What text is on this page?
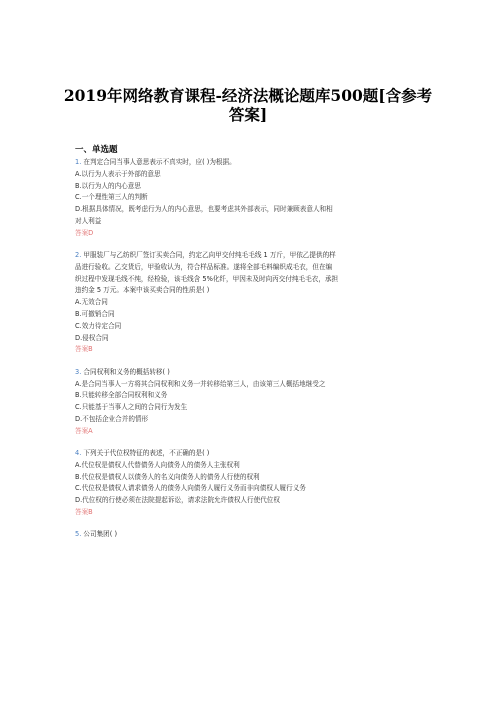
2019年网络教育课程-经济法概论题库500题[含参考
答案]
一、单选题
1. 在判定合同当事人意思表示不真实时，应( )为根据。
A.以行为人表示于外部的意思
B.以行为人的内心意思
C.一个理性第三人的判断
D.根据具体情况，既考虑行为人的内心意思，也要考虑其外部表示，同时兼顾表意人和相
对人利益
答案D
2. 甲服装厂与乙纺织厂签订买卖合同，约定乙向甲交付纯毛毛线 1 万斤，甲依乙提供的样
品进行验收。乙交货后，甲验收认为，符合样品标准。遂将全部毛料编织成毛衣，但在编
织过程中发现毛线不纯，经检验，该毛线含 5%化纤，甲因未及时向丙交付纯毛毛衣，承担
违约金 5 万元。本案中该买卖合同的性质是( )
A.无效合同
B.可撤销合同
C.效力待定合同
D.侵权合同
答案B
3. 合同权利和义务的概括转移( )
A.是合同当事人一方将其合同权利和义务一并转移给第三人，由该第三人概括地继受之
B.只能转移全部合同权利和义务
C.只能基于当事人之间的合同行为发生
D.不包括企业合并的情形
答案A
4. 下列关于代位权特征的表述，不正确的是( )
A.代位权是债权人代替债务人向债务人的债务人主张权利
B.代位权是债权人以债务人的名义向债务人的债务人行使的权利
C.代位权是债权人请求债务人的债务人向债务人履行义务而非向债权人履行义务
D.代位权的行使必须在法院提起诉讼，请求法院允许债权人行使代位权
答案B
5. 公司集团( )
